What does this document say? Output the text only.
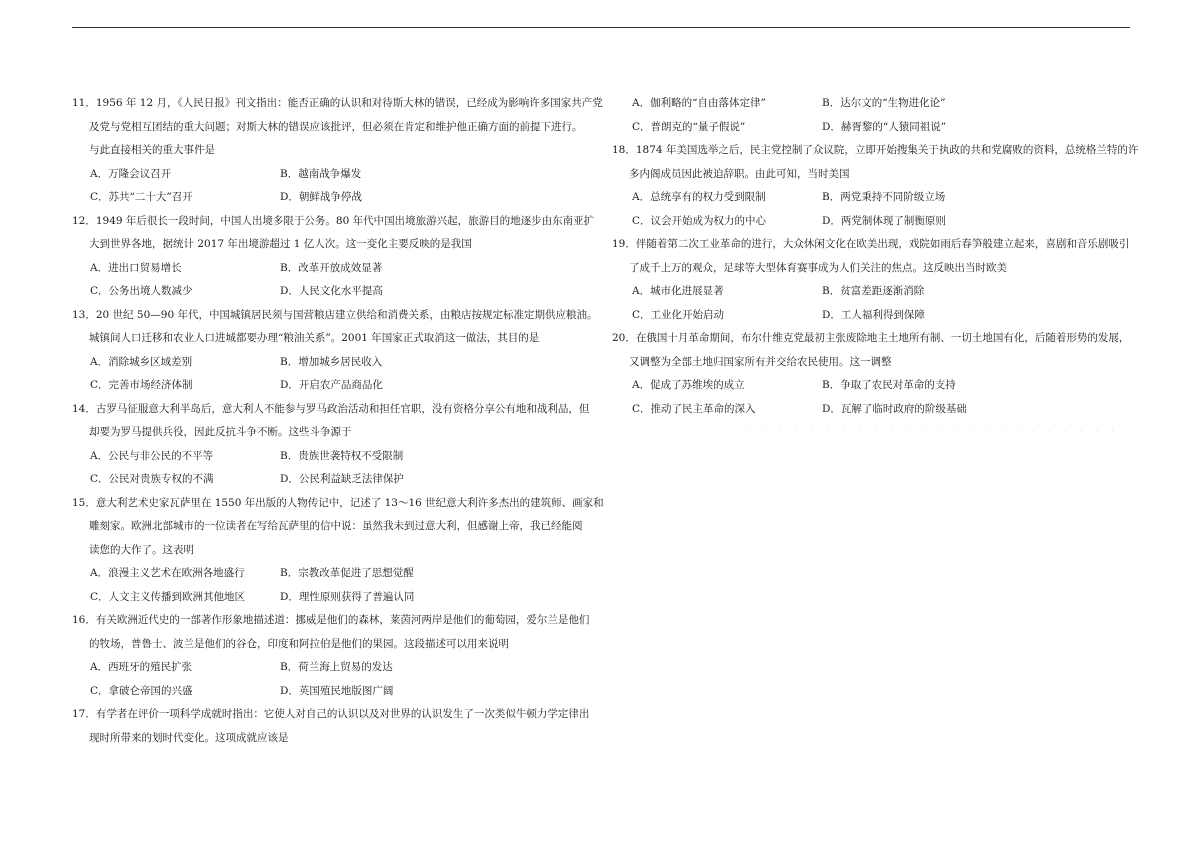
11．1956 年 12 月，《人民日报》刊文指出：能否正确的认识和对待斯大林的错误，已经成为影响许多国家共产党
及党与党相互团结的重大问题；对斯大林的错误应该批评，但必须在肯定和维护他正确方面的前提下进行。
与此直接相关的重大事件是
A．万隆会议召开	B．越南战争爆发
C．苏共“二十大”召开	D．朝鲜战争停战
12．1949 年后很长一段时间，中国人出境多限于公务。80 年代中国出境旅游兴起，旅游目的地逐步由东南亚扩
大到世界各地，据统计 2017 年出境游超过 1 亿人次。这一变化主要反映的是我国
A．进出口贸易增长	B．改革开放成效显著
C．公务出境人数减少	D．人民文化水平提高
13．20 世纪 50—90 年代，中国城镇居民须与国营粮店建立供给和消费关系，由粮店按规定标准定期供应粮油。
城镇间人口迁移和农业人口进城都要办理“粮油关系”。2001 年国家正式取消这一做法，其目的是
A．消除城乡区域差别	B．增加城乡居民收入
C．完善市场经济体制	D．开启农产品商品化
14．古罗马征服意大利半岛后，意大利人不能参与罗马政治活动和担任官职，没有资格分享公有地和战利品，但
却要为罗马提供兵役，因此反抗斗争不断。这些斗争源于
A．公民与非公民的不平等	B．贵族世袭特权不受限制
C．公民对贵族专权的不满	D．公民利益缺乏法律保护
15．意大利艺术史家瓦萨里在 1550 年出版的人物传记中，记述了 13～16 世纪意大利许多杰出的建筑师、画家和
雕刻家。欧洲北部城市的一位读者在写给瓦萨里的信中说：虽然我未到过意大利，但感谢上帝，我已经能阅
读您的大作了。这表明
A．浪漫主义艺术在欧洲各地盛行	B．宗教改革促进了思想觉醒
C．人文主义传播到欧洲其他地区	D．理性原则获得了普遍认同
16．有关欧洲近代史的一部著作形象地描述道：挪威是他们的森林，莱茵河两岸是他们的葡萄园，爱尔兰是他们
的牧场，普鲁士、波兰是他们的谷仓，印度和阿拉伯是他们的果园。这段描述可以用来说明
A．西班牙的殖民扩张	B．荷兰海上贸易的发达
C．拿破仑帝国的兴盛	D．英国殖民地版图广阔
17．有学者在评价一项科学成就时指出：它使人对自己的认识以及对世界的认识发生了一次类似牛顿力学定律出
现时所带来的划时代变化。这项成就应该是
A．伽利略的“自由落体定律”	B．达尔文的“生物进化论”
C．普朗克的“量子假说”	D．赫胥黎的“人猿同祖说”
18．1874 年美国选举之后，民主党控制了众议院，立即开始搜集关于执政的共和党腐败的资料，总统格兰特的许
多内阁成员因此被迫辞职。由此可知，当时美国
A．总统享有的权力受到限制	B．两党秉持不同阶级立场
C．议会开始成为权力的中心	D．两党制体现了制衡原则
19．伴随着第二次工业革命的进行，大众休闲文化在欧美出现，戏院如雨后春笋般建立起来，喜剧和音乐剧吸引
了成千上万的观众，足球等大型体育赛事成为人们关注的焦点。这反映出当时欧美
A．城市化进展显著	B．贫富差距逐渐消除
C．工业化开始启动	D．工人福利得到保障
20．在俄国十月革命期间，布尔什维克党最初主张废除地主土地所有制、一切土地国有化，后随着形势的发展，
又调整为全部土地归国家所有并交给农民使用。这一调整
A．促成了苏维埃的成立	B．争取了农民对革命的支持
C．推动了民主革命的深入	D．瓦解了临时政府的阶级基础
· · · · · · · · · · · · · · · · · · · · · · · ·
